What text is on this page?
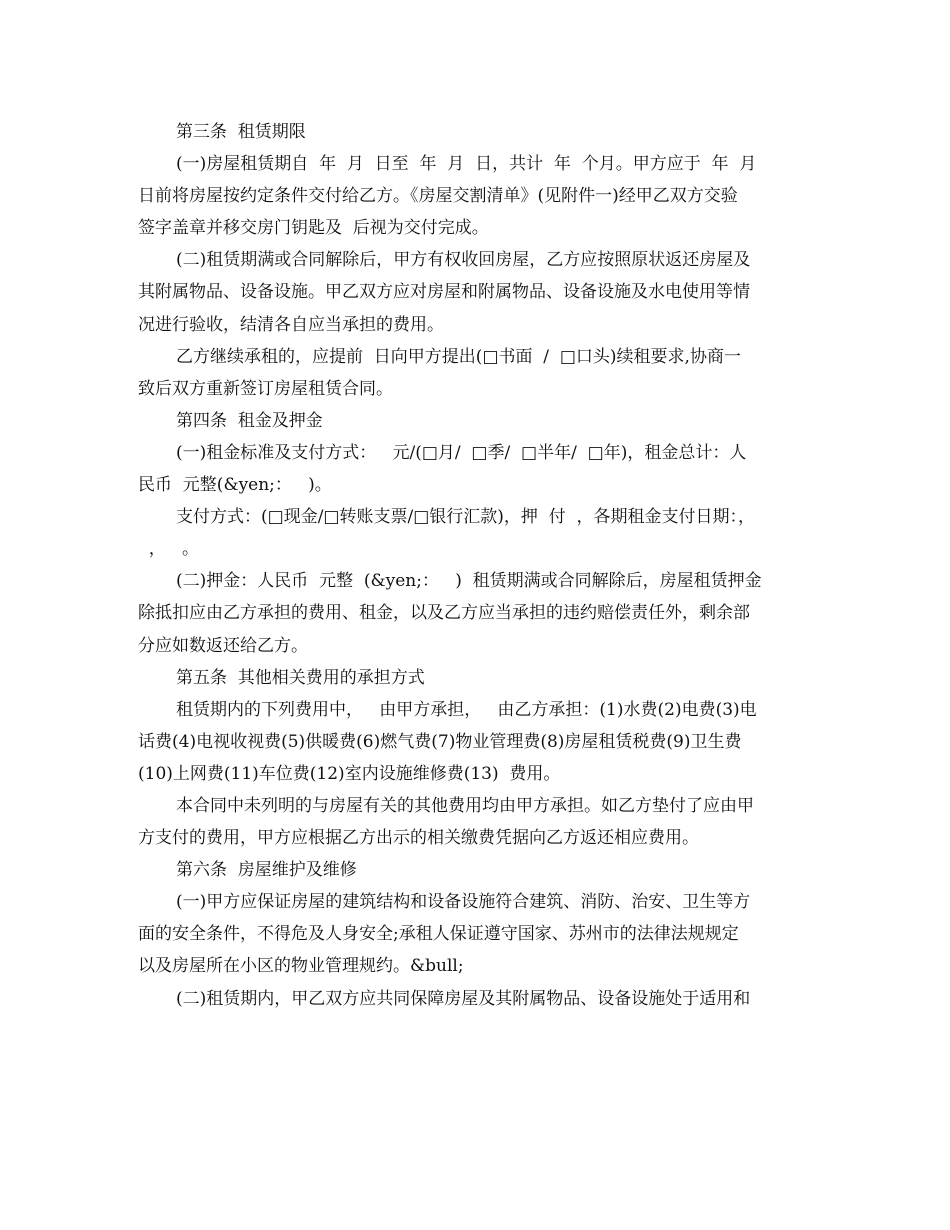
第三条  租赁期限
(一)房屋租赁期自  年  月  日至  年  月  日，共计  年  个月。甲方应于  年  月
日前将房屋按约定条件交付给乙方。《房屋交割清单》(见附件一)经甲乙双方交验
签字盖章并移交房门钥匙及  后视为交付完成。
(二)租赁期满或合同解除后，甲方有权收回房屋，乙方应按照原状返还房屋及
其附属物品、设备设施。甲乙双方应对房屋和附属物品、设备设施及水电使用等情
况进行验收，结清各自应当承担的费用。
乙方继续承租的，应提前  日向甲方提出(□书面  /  □口头)续租要求,协商一
致后双方重新签订房屋租赁合同。
第四条  租金及押金
(一)租金标准及支付方式：   元/(□月/  □季/  □半年/  □年)，租金总计：人
民币  元整(&yen;：   )。
支付方式：(□现金/□转账支票/□银行汇款)，押  付  ，各期租金支付日期：，
，   。
(二)押金：人民币  元整  (&yen;：   )  租赁期满或合同解除后，房屋租赁押金
除抵扣应由乙方承担的费用、租金，以及乙方应当承担的违约赔偿责任外，剩余部
分应如数返还给乙方。
第五条  其他相关费用的承担方式
租赁期内的下列费用中，   由甲方承担，   由乙方承担：(1)水费(2)电费(3)电
话费(4)电视收视费(5)供暖费(6)燃气费(7)物业管理费(8)房屋租赁税费(9)卫生费
(10)上网费(11)车位费(12)室内设施维修费(13)  费用。
本合同中未列明的与房屋有关的其他费用均由甲方承担。如乙方垫付了应由甲
方支付的费用，甲方应根据乙方出示的相关缴费凭据向乙方返还相应费用。
第六条  房屋维护及维修
(一)甲方应保证房屋的建筑结构和设备设施符合建筑、消防、治安、卫生等方
面的安全条件，不得危及人身安全;承租人保证遵守国家、苏州市的法律法规规定
以及房屋所在小区的物业管理规约。&bull;
(二)租赁期内，甲乙双方应共同保障房屋及其附属物品、设备设施处于适用和
